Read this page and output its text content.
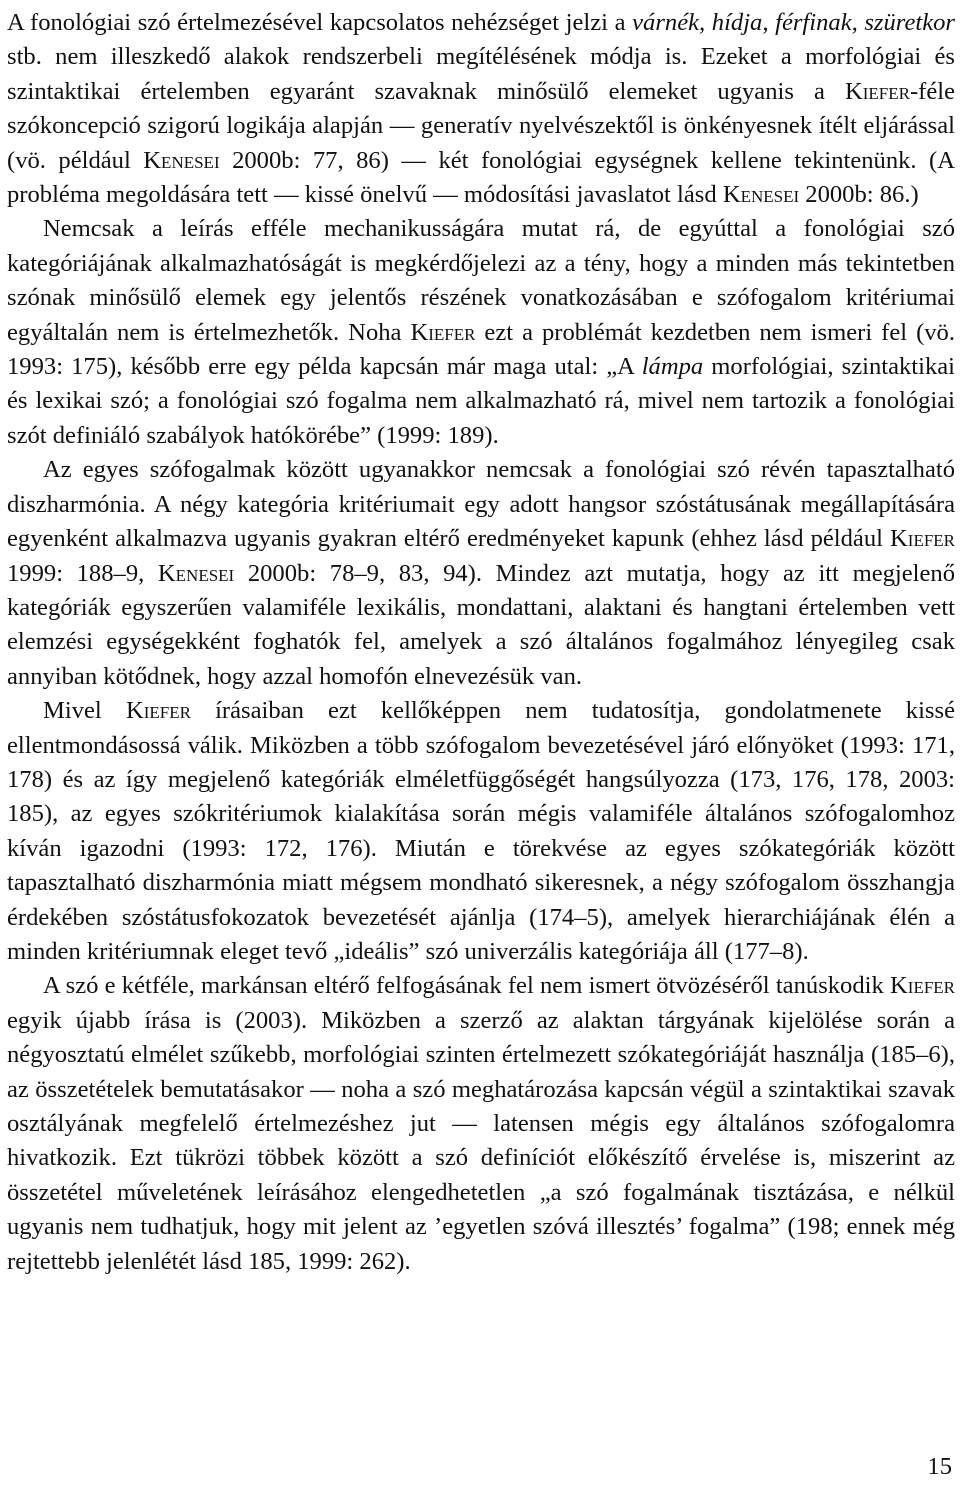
A fonológiai szó értelmezésével kapcsolatos nehézséget jelzi a várnék, hídja, férfinak, szüretkor stb. nem illeszkedő alakok rendszerbeli megítélésének módja is. Ezeket a morfológiai és szintaktikai értelemben egyaránt szavaknak minősülő elemeket ugyanis a Kiefer-féle szókoncepció szigorú logikája alapján — generatív nyelvészektől is önkényesnek ítélt eljárással (vö. például Kenesei 2000b: 77, 86) — két fonológiai egységnek kellene tekintenünk. (A probléma megoldására tett — kissé önelvű — módosítási javaslatot lásd Kenesei 2000b: 86.)

Nemcsak a leírás efféle mechanikusságára mutat rá, de egyúttal a fonológiai szó kategóriájának alkalmazhatóságát is megkérdőjelezi az a tény, hogy a minden más tekintetben szónak minősülő elemek egy jelentős részének vonatkozásában e szófogalom kritériumai egyáltalán nem is értelmezhetők. Noha Kiefer ezt a problémát kezdetben nem ismeri fel (vö. 1993: 175), később erre egy példa kapcsán már maga utal: „A lámpa morfológiai, szintaktikai és lexikai szó; a fonológiai szó fogalma nem alkalmazható rá, mivel nem tartozik a fonológiai szót definiáló szabályok hatókörébe” (1999: 189).

Az egyes szófogalmak között ugyanakkor nemcsak a fonológiai szó révén tapasztalható diszharmónia. A négy kategória kritériumait egy adott hangsor szóstátusának megállapítására egyenként alkalmazva ugyanis gyakran eltérő eredményeket kapunk (ehhez lásd például Kiefer 1999: 188–9, Kenesei 2000b: 78–9, 83, 94). Mindez azt mutatja, hogy az itt megjelenő kategóriák egyszerűen valamiféle lexikális, mondattani, alaktani és hangtani értelemben vett elemzési egységekként foghatók fel, amelyek a szó általános fogalmához lényegileg csak annyiban kötődnek, hogy azzal homofón elnevezésük van.

Mivel Kiefer írásaiban ezt kellőképpen nem tudatosítja, gondolatmenete kissé ellentmondásossá válik. Miközben a több szófogalom bevezetésével járó előnyöket (1993: 171, 178) és az így megjelenő kategóriák elméletfüggőségét hangsúlyozza (173, 176, 178, 2003: 185), az egyes szókritériumok kialakítása során mégis valamiféle általános szófogalomhoz kíván igazodni (1993: 172, 176). Miután e törekvése az egyes szókategóriák között tapasztalható diszharmónia miatt mégsem mondható sikeresnek, a négy szófogalom összhangja érdekében szóstátusfokozatok bevezetését ajánlja (174–5), amelyek hierarchiájának élén a minden kritériumnak eleget tevő „ideális” szó univerzális kategóriája áll (177–8).

A szó e kétféle, markánsan eltérő felfogásának fel nem ismert ötvözéséről tanúskodik Kiefer egyik újabb írása is (2003). Miközben a szerző az alaktan tárgyának kijelölése során a négyosztatú elmélet szűkebb, morfológiai szinten értelmezett szókategóriáját használja (185–6), az összetételek bemutatásakor — noha a szó meghatározása kapcsán végül a szintaktikai szavak osztályának megfelelő értelmezéshez jut — latensen mégis egy általános szófogalomra hivatkozik. Ezt tükrözi többek között a szó definíciót előkészítő érvelése is, miszerint az összetétel műveletének leírásához elengedhetetlen „a szó fogalmának tisztázása, e nélkül ugyanis nem tudhatjuk, hogy mit jelent az ’egyetlen szóvá illesztés’ fogalma” (198; ennek még rejtettebb jelenlétét lásd 185, 1999: 262).

15
